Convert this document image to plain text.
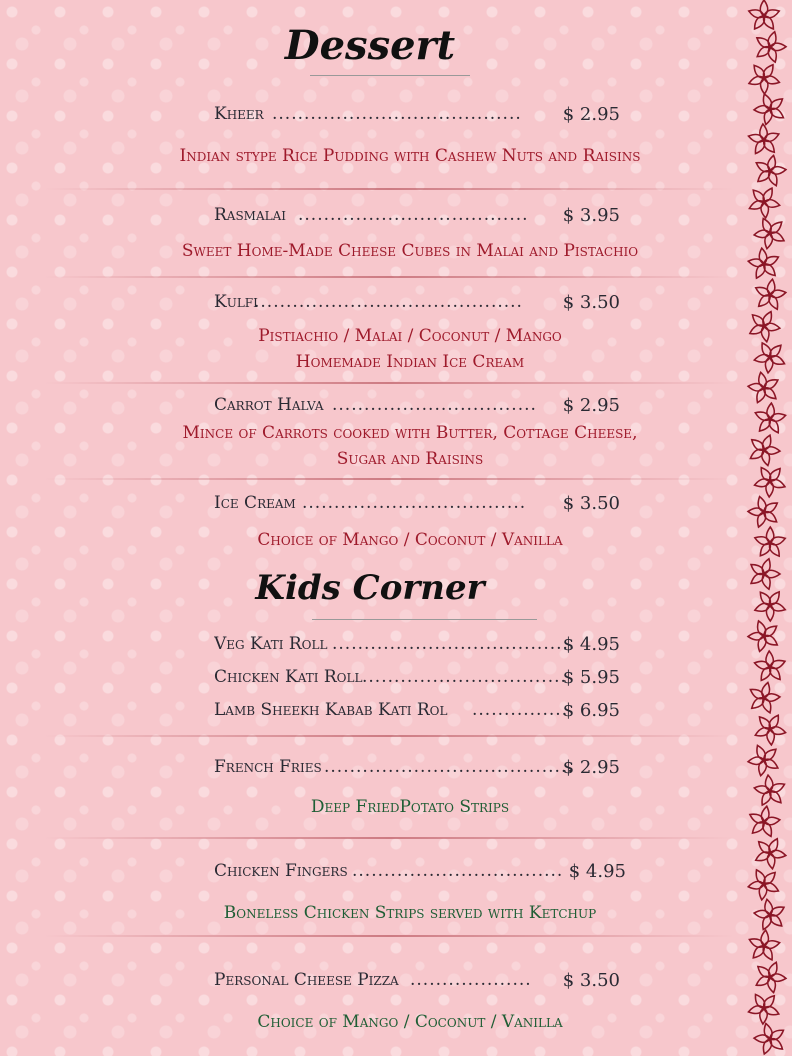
Dessert
Kheer ....................................... $ 2.95
Indian stype Rice Pudding with Cashew Nuts and Raisins
Rasmalai .................................... $ 3.95
Sweet Home-Made Cheese Cubes in Malai and Pistachio
Kulfi
.......................................... $ 3.50
Pistiachio / Malai / Coconut / Mango
Homemade Indian Ice Cream
Carrot Halva ................................ $ 2.95
Mince of Carrots cooked with Butter, Cottage Cheese,
Sugar and Raisins
Ice Cream ................................... $ 3.50
Choice of Mango / Coconut / Vanilla
Kids Corner
Veg Kati Roll ......................................
$ 4.95
Chicken Kati Roll ................................
$ 5.95
Lamb Sheekh Kabab Kati Rol ...............
$ 6.95
French Fries .......................................
$ 2.95
Deep FriedPotato Strips
Chicken Fingers ................................. $ 4.95
Boneless Chicken Strips served with Ketchup
Personal Cheese Pizza ................... $ 3.50
Choice of Mango / Coconut / Vanilla
